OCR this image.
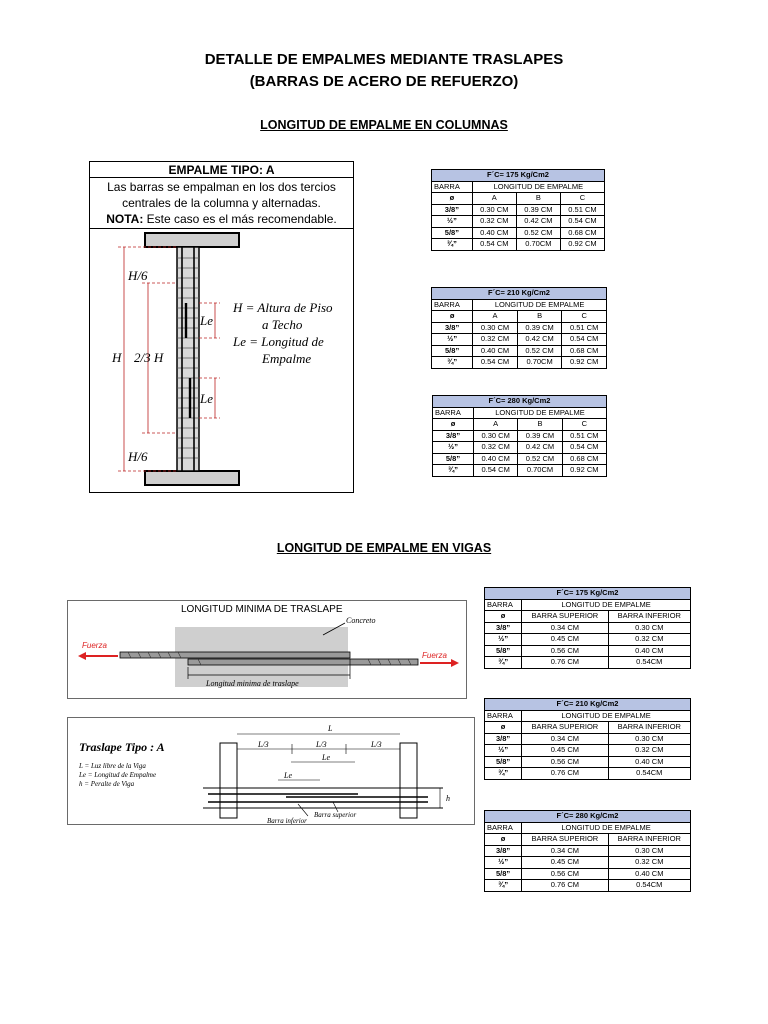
DETALLE DE EMPALMES MEDIANTE TRASLAPES
(BARRAS DE ACERO DE REFUERZO)
LONGITUD DE EMPALME EN COLUMNAS
EMPALME TIPO: A
Las barras se empalman en los dos tercios
centrales de la columna y alternadas.
NOTA: Este caso es el más recomendable.
H/6
H 2/3 H
H/6
Le
Le
H = Altura de Piso
a Techo
Le = Longitud de
Empalme
F´C= 175 Kg/Cm2			
BARRA	LONGITUD DE EMPALME		
ø	A	B	C
3/8”	0.30 CM	0.39 CM	0.51 CM
½”	0.32 CM	0.42 CM	0.54 CM
5/8”	0.40 CM	0.52 CM	0.68 CM
¾”	0.54 CM	0.70CM	0.92 CM
F´C= 210 Kg/Cm2			
BARRA	LONGITUD DE EMPALME		
ø	A	B	C
3/8”	0.30 CM	0.39 CM	0.51 CM
½”	0.32 CM	0.42 CM	0.54 CM
5/8”	0.40 CM	0.52 CM	0.68 CM
¾”	0.54 CM	0.70CM	0.92 CM
F´C= 280 Kg/Cm2			
BARRA	LONGITUD DE EMPALME		
ø	A	B	C
3/8”	0.30 CM	0.39 CM	0.51 CM
½”	0.32 CM	0.42 CM	0.54 CM
5/8”	0.40 CM	0.52 CM	0.68 CM
¾”	0.54 CM	0.70CM	0.92 CM
LONGITUD DE EMPALME EN VIGAS
LONGITUD MINIMA DE TRASLAPE
Concreto
Fuerza
Fuerza
Longitud minima de traslape
Traslape Tipo : A
L = Luz libre de la Viga
Le = Longitud de Empalme
h = Peralte de Viga
L
L/3	L/3	L/3
Le
Le
h
Barra superior
Barra inferior
F´C= 175 Kg/Cm2		
BARRA	LONGITUD DE EMPALME	
ø	BARRA SUPERIOR	BARRA INFERIOR
3/8”	0.34 CM	0.30 CM
½”	0.45 CM	0.32 CM
5/8”	0.56 CM	0.40 CM
¾”	0.76 CM	0.54CM
F´C= 210 Kg/Cm2		
BARRA	LONGITUD DE EMPALME	
ø	BARRA SUPERIOR	BARRA INFERIOR
3/8”	0.34 CM	0.30 CM
½”	0.45 CM	0.32 CM
5/8”	0.56 CM	0.40 CM
¾”	0.76 CM	0.54CM
F´C= 280 Kg/Cm2		
BARRA	LONGITUD DE EMPALME	
ø	BARRA SUPERIOR	BARRA INFERIOR
3/8”	0.34 CM	0.30 CM
½”	0.45 CM	0.32 CM
5/8”	0.56 CM	0.40 CM
¾”	0.76 CM	0.54CM
